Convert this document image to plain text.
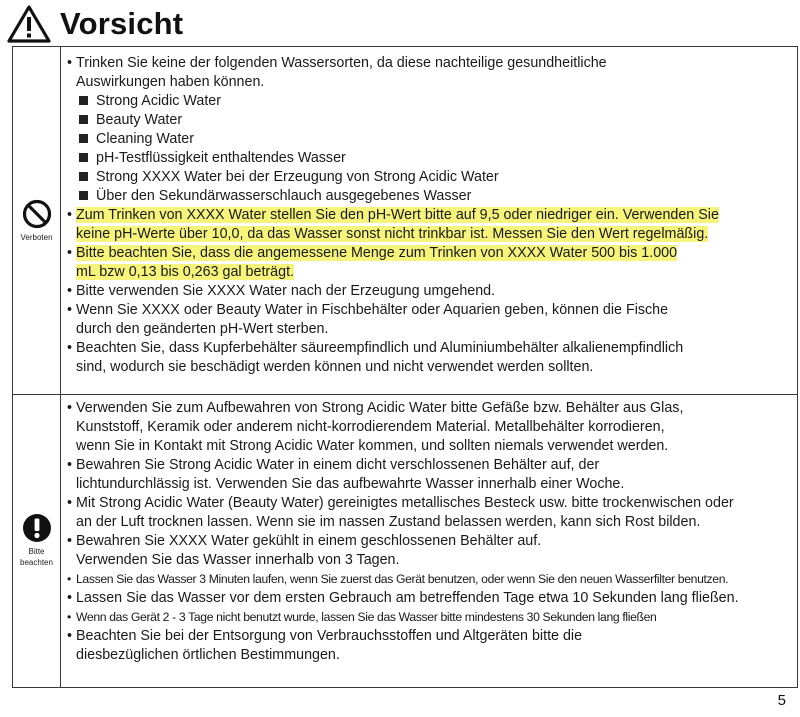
Vorsicht
Verboten

• Trinken Sie keine der folgenden Wassersorten, da diese nachteilige gesundheitliche

Auswirkungen haben können.

Strong Acidic Water

Beauty Water

Cleaning Water

pH-Testflüssigkeit enthaltendes Wasser

Strong XXXX Water bei der Erzeugung von Strong Acidic Water

Über den Sekundärwasserschlauch ausgegebenes Wasser

• Zum Trinken von XXXX Water stellen Sie den pH-Wert bitte auf 9,5 oder niedriger ein. Verwenden Sie

keine pH-Werte über 10,0, da das Wasser sonst nicht trinkbar ist. Messen Sie den Wert regelmäßig.

• Bitte beachten Sie, dass die angemessene Menge zum Trinken von XXXX Water 500 bis 1.000

mL bzw 0,13 bis 0,263 gal beträgt.

• Bitte verwenden Sie XXXX Water nach der Erzeugung umgehend.

• Wenn Sie XXXX oder Beauty Water in Fischbehälter oder Aquarien geben, können die Fische

durch den geänderten pH-Wert sterben.

• Beachten Sie, dass Kupferbehälter säureempfindlich und Aluminiumbehälter alkalienempfindlich

sind, wodurch sie beschädigt werden können und nicht verwendet werden sollten.

Bitte
beachten

• Verwenden Sie zum Aufbewahren von Strong Acidic Water bitte Gefäße bzw. Behälter aus Glas,

Kunststoff, Keramik oder anderem nicht-korrodierendem Material. Metallbehälter korrodieren,

wenn Sie in Kontakt mit Strong Acidic Water kommen, und sollten niemals verwendet werden.

• Bewahren Sie Strong Acidic Water in einem dicht verschlossenen Behälter auf, der

lichtundurchlässig ist. Verwenden Sie das aufbewahrte Wasser innerhalb einer Woche.

• Mit Strong Acidic Water (Beauty Water) gereinigtes metallisches Besteck usw. bitte trockenwischen oder

an der Luft trocknen lassen. Wenn sie im nassen Zustand belassen werden, kann sich Rost bilden.

• Bewahren Sie XXXX Water gekühlt in einem geschlossenen Behälter auf.

Verwenden Sie das Wasser innerhalb von 3 Tagen.

• Lassen Sie das Wasser 3 Minuten laufen, wenn Sie zuerst das Gerät benutzen, oder wenn Sie den neuen Wasserfilter benutzen.

• Lassen Sie das Wasser vor dem ersten Gebrauch am betreffenden Tage etwa 10 Sekunden lang fließen.

• Wenn das Gerät 2 - 3 Tage nicht benutzt wurde, lassen Sie das Wasser bitte mindestens 30 Sekunden lang fließen

• Beachten Sie bei der Entsorgung von Verbrauchsstoffen und Altgeräten bitte die

diesbezüglichen örtlichen Bestimmungen.

5
